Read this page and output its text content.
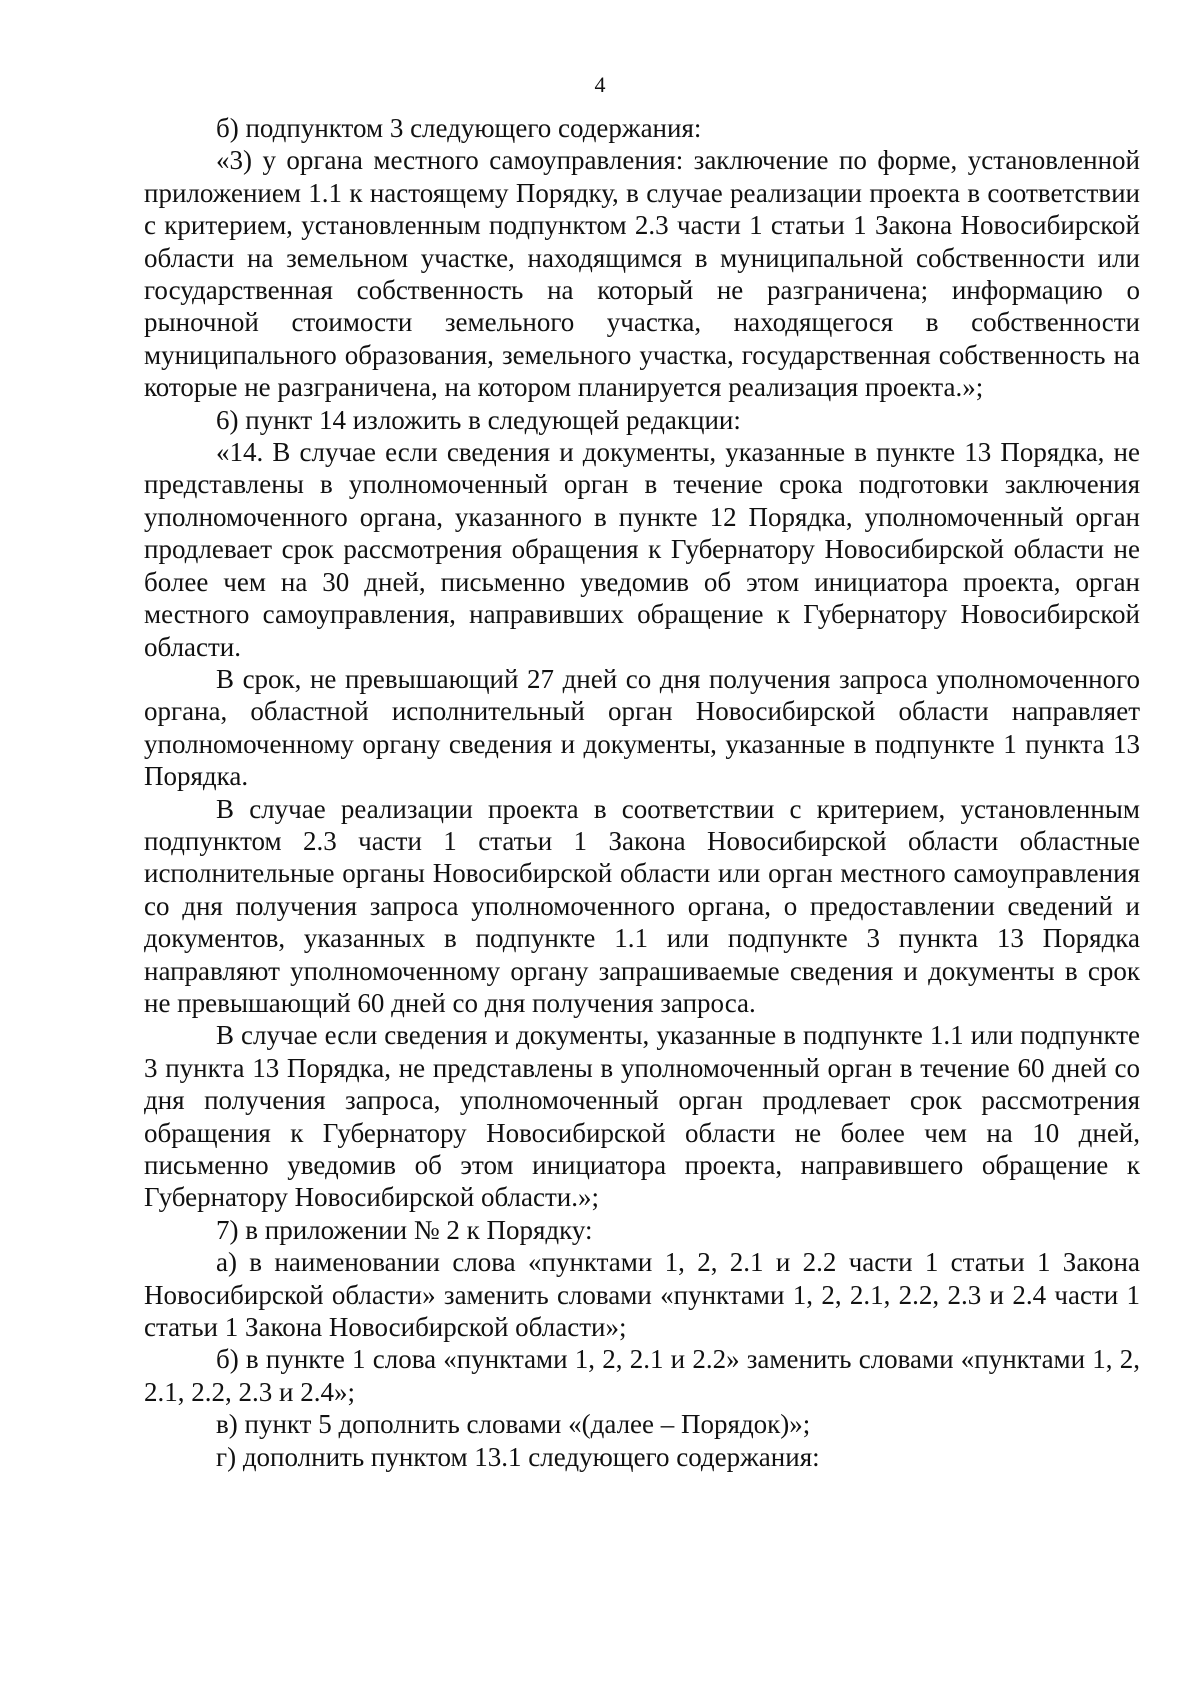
4

б) подпунктом 3 следующего содержания:

«3) у органа местного самоуправления: заключение по форме, установленной приложением 1.1 к настоящему Порядку, в случае реализации проекта в соответствии с критерием, установленным подпунктом 2.3 части 1 статьи 1 Закона Новосибирской области на земельном участке, находящимся в муниципальной собственности или государственная собственность на который не разграничена; информацию о рыночной стоимости земельного участка, находящегося в собственности муниципального образования, земельного участка, государственная собственность на которые не разграничена, на котором планируется реализация проекта.»;

6) пункт 14 изложить в следующей редакции:

«14. В случае если сведения и документы, указанные в пункте 13 Порядка, не представлены в уполномоченный орган в течение срока подготовки заключения уполномоченного органа, указанного в пункте 12 Порядка, уполномоченный орган продлевает срок рассмотрения обращения к Губернатору Новосибирской области не более чем на 30 дней, письменно уведомив об этом инициатора проекта, орган местного самоуправления, направивших обращение к Губернатору Новосибирской области.

В срок, не превышающий 27 дней со дня получения запроса уполномоченного органа, областной исполнительный орган Новосибирской области направляет уполномоченному органу сведения и документы, указанные в подпункте 1 пункта 13 Порядка.

В случае реализации проекта в соответствии с критерием, установленным подпунктом 2.3 части 1 статьи 1 Закона Новосибирской области областные исполнительные органы Новосибирской области или орган местного самоуправления со дня получения запроса уполномоченного органа, о предоставлении сведений и документов, указанных в подпункте 1.1 или подпункте 3 пункта 13 Порядка направляют уполномоченному органу запрашиваемые сведения и документы в срок не превышающий 60 дней со дня получения запроса.

В случае если сведения и документы, указанные в подпункте 1.1 или подпункте 3 пункта 13 Порядка, не представлены в уполномоченный орган в течение 60 дней со дня получения запроса, уполномоченный орган продлевает срок рассмотрения обращения к Губернатору Новосибирской области не более чем на 10 дней, письменно уведомив об этом инициатора проекта, направившего обращение к Губернатору Новосибирской области.»;

7) в приложении № 2 к Порядку:

а) в наименовании слова «пунктами 1, 2, 2.1 и 2.2 части 1 статьи 1 Закона Новосибирской области» заменить словами «пунктами 1, 2, 2.1, 2.2, 2.3 и 2.4 части 1 статьи 1 Закона Новосибирской области»;

б) в пункте 1 слова «пунктами 1, 2, 2.1 и 2.2» заменить словами «пунктами 1, 2, 2.1, 2.2, 2.3 и 2.4»;

в) пункт 5 дополнить словами «(далее – Порядок)»;

г) дополнить пунктом 13.1 следующего содержания:
